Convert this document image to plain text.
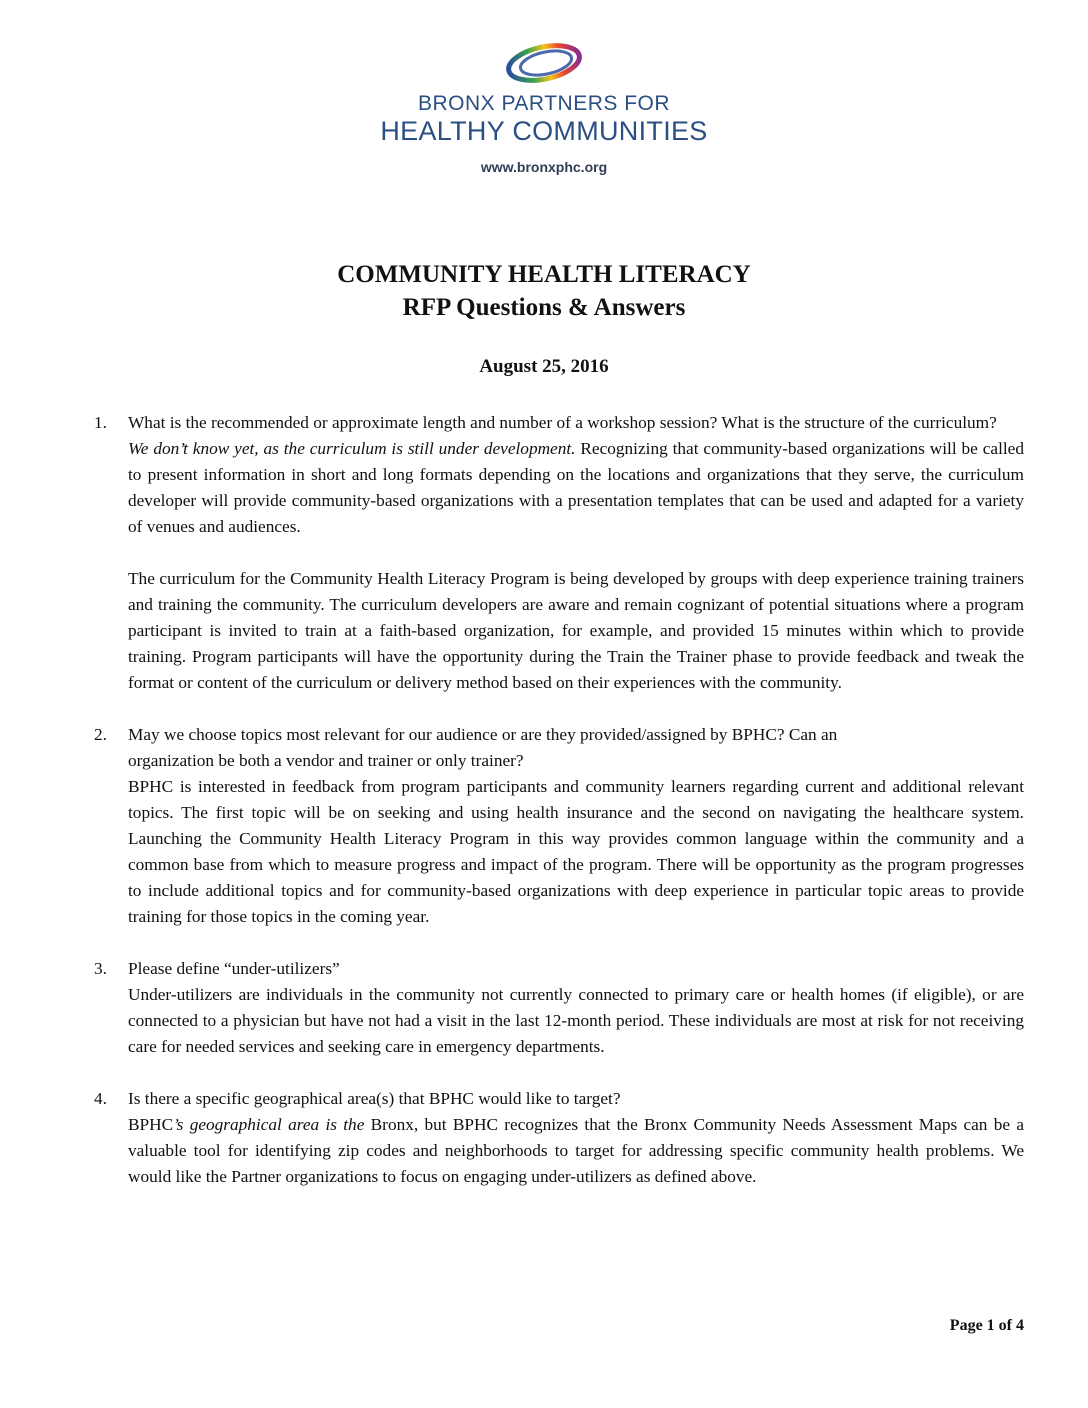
BRONX PARTNERS FOR
HEALTHY COMMUNITIES
www.bronxphc.org
COMMUNITY HEALTH LITERACY
RFP Questions & Answers
August 25, 2016
1. What is the recommended or approximate length and number of a workshop session? What is the structure of the curriculum?

We don’t know yet, as the curriculum is still under development. Recognizing that community-based organizations will be called to present information in short and long formats depending on the locations and organizations that they serve, the curriculum developer will provide community-based organizations with a presentation templates that can be used and adapted for a variety of venues and audiences.

The curriculum for the Community Health Literacy Program is being developed by groups with deep experience training trainers and training the community. The curriculum developers are aware and remain cognizant of potential situations where a program participant is invited to train at a faith-based organization, for example, and provided 15 minutes within which to provide training. Program participants will have the opportunity during the Train the Trainer phase to provide feedback and tweak the format or content of the curriculum or delivery method based on their experiences with the community.

2. May we choose topics most relevant for our audience or are they provided/assigned by BPHC? Can an
organization be both a vendor and trainer or only trainer?
BPHC is interested in feedback from program participants and community learners regarding current and additional relevant topics. The first topic will be on seeking and using health insurance and the second on navigating the healthcare system. Launching the Community Health Literacy Program in this way provides common language within the community and a common base from which to measure progress and impact of the program. There will be opportunity as the program progresses to include additional topics and for community-based organizations with deep experience in particular topic areas to provide training for those topics in the coming year.
3. Please define “under-utilizers”
Under-utilizers are individuals in the community not currently connected to primary care or health homes (if eligible), or are connected to a physician but have not had a visit in the last 12-month period. These individuals are most at risk for not receiving care for needed services and seeking care in emergency departments.
4. Is there a specific geographical area(s) that BPHC would like to target?
BPHC’s geographical area is the Bronx, but BPHC recognizes that the Bronx Community Needs Assessment Maps can be a valuable tool for identifying zip codes and neighborhoods to target for addressing specific community health problems. We would like the Partner organizations to focus on engaging under-utilizers as defined above.
Page 1 of 4
